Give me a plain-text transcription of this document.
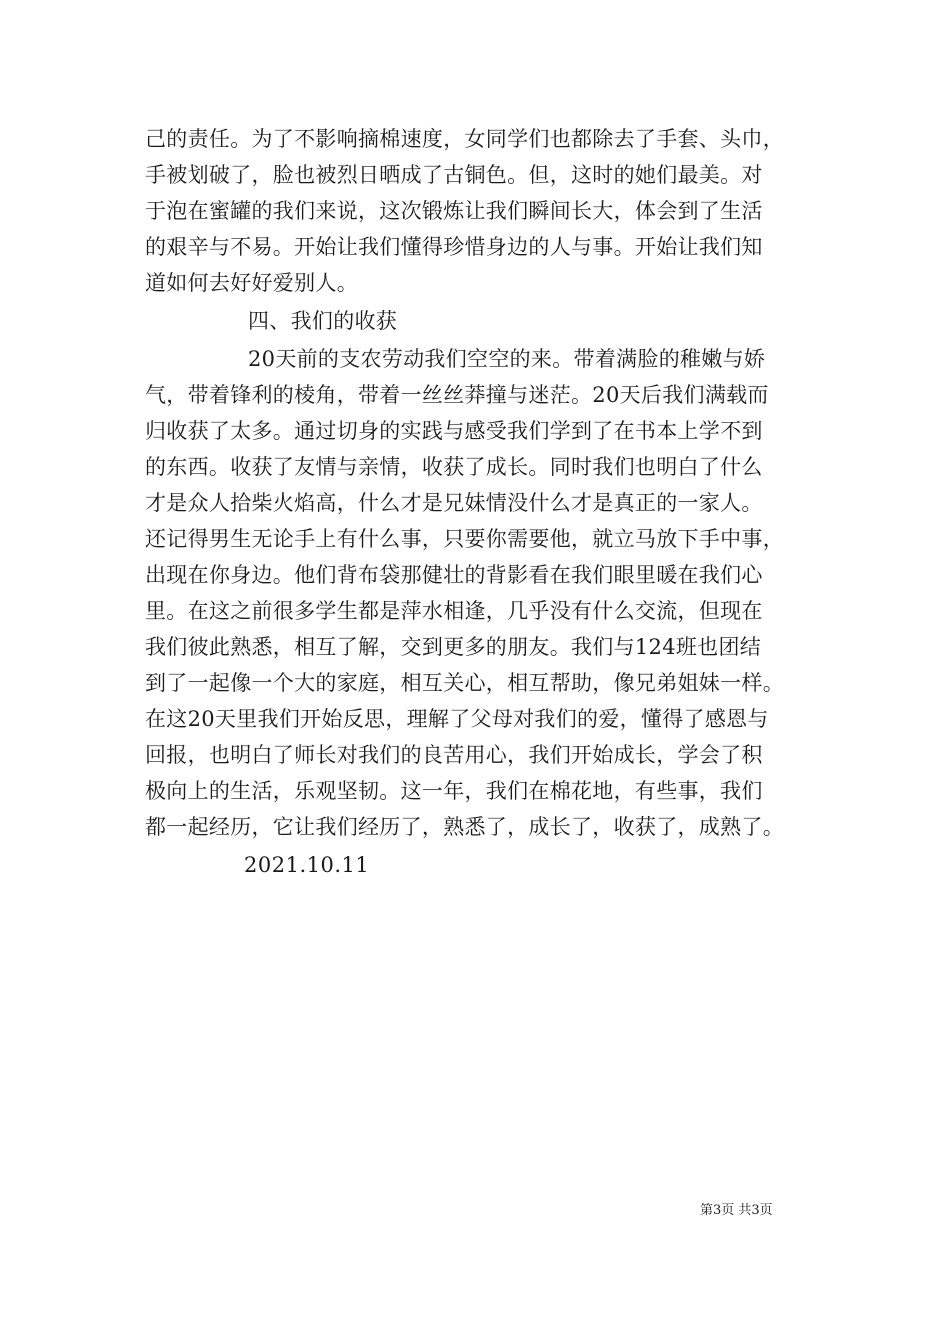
己的责任。为了不影响摘棉速度，女同学们也都除去了手套、头巾，
手被划破了，脸也被烈日晒成了古铜色。但，这时的她们最美。对
于泡在蜜罐的我们来说，这次锻炼让我们瞬间长大，体会到了生活
的艰辛与不易。开始让我们懂得珍惜身边的人与事。开始让我们知
道如何去好好爱别人。
四、我们的收获
20天前的支农劳动我们空空的来。带着满脸的稚嫩与娇
气，带着锋利的棱角，带着一丝丝莽撞与迷茫。20天后我们满载而
归收获了太多。通过切身的实践与感受我们学到了在书本上学不到
的东西。收获了友情与亲情，收获了成长。同时我们也明白了什么
才是众人拾柴火焰高，什么才是兄妹情没什么才是真正的一家人。
还记得男生无论手上有什么事，只要你需要他，就立马放下手中事，
出现在你身边。他们背布袋那健壮的背影看在我们眼里暖在我们心
里。在这之前很多学生都是萍水相逢，几乎没有什么交流，但现在
我们彼此熟悉，相互了解，交到更多的朋友。我们与124班也团结
到了一起像一个大的家庭，相互关心，相互帮助，像兄弟姐妹一样。
在这20天里我们开始反思，理解了父母对我们的爱，懂得了感恩与
回报，也明白了师长对我们的良苦用心，我们开始成长，学会了积
极向上的生活，乐观坚韧。这一年，我们在棉花地，有些事，我们
都一起经历，它让我们经历了，熟悉了，成长了，收获了，成熟了。
2021.10.11
第3页 共3页
